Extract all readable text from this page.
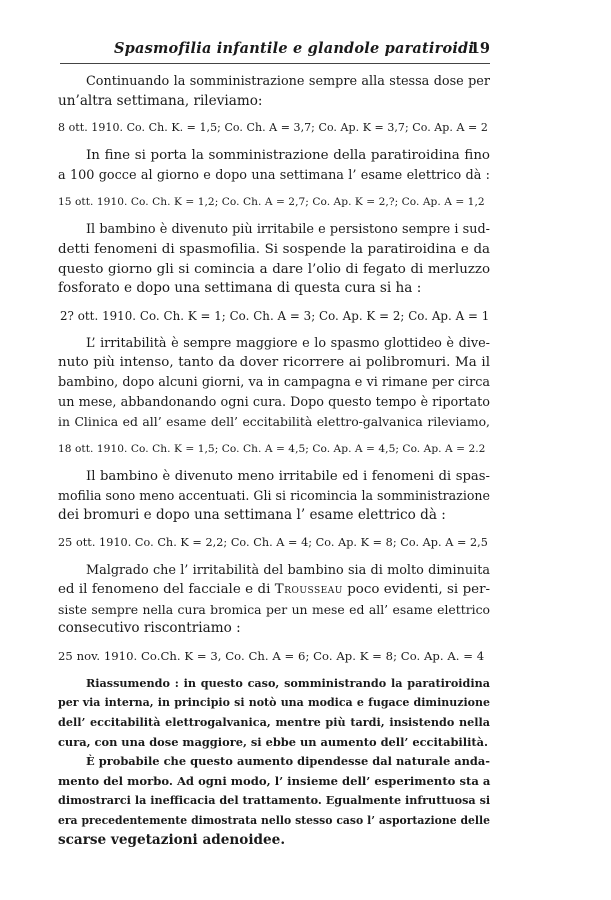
Spasmofilia infantile e glandole paratiroidi
19
Continuando la somministrazione sempre alla stessa dose per
un’altra settimana, rileviamo:
8 ott. 1910. Co. Ch. K. = 1,5; Co. Ch. A = 3,7; Co. Ap. K = 3,7; Co. Ap. A = 2
In fine si porta la somministrazione della paratiroidina fino
a 100 gocce al giorno e dopo una settimana l’ esame elettrico dà :
15 ott. 1910. Co. Ch. K = 1,2; Co. Ch. A = 2,7; Co. Ap. K = 2,?; Co. Ap. A = 1,2
Il bambino è divenuto più irritabile e persistono sempre i sud-
detti fenomeni di spasmofilia. Si sospende la paratiroidina e da
questo giorno gli si comincia a dare l’olio di fegato di merluzzo
fosforato e dopo una settimana di questa cura si ha :
2? ott. 1910. Co. Ch. K = 1; Co. Ch. A = 3; Co. Ap. K = 2; Co. Ap. A = 1
L’ irritabilità è sempre maggiore e lo spasmo glottideo è dive-
nuto più intenso, tanto da dover ricorrere ai polibromuri. Ma il
bambino, dopo alcuni giorni, va in campagna e vi rimane per circa
un mese, abbandonando ogni cura. Dopo questo tempo è riportato
in Clinica ed all’ esame dell’ eccitabilità elettro-galvanica rileviamo,
18 ott. 1910. Co. Ch. K = 1,5; Co. Ch. A = 4,5; Co. Ap. A = 4,5; Co. Ap. A = 2.2
Il bambino è divenuto meno irritabile ed i fenomeni di spas-
mofilia sono meno accentuati. Gli si ricomincia la somministrazione
dei bromuri e dopo una settimana l’ esame elettrico dà :
25 ott. 1910. Co. Ch. K = 2,2; Co. Ch. A = 4; Co. Ap. K = 8; Co. Ap. A = 2,5
Malgrado che l’ irritabilità del bambino sia di molto diminuita
ed il fenomeno del facciale e di Trousseau poco evidenti, si per-
siste sempre nella cura bromica per un mese ed all’ esame elettrico
consecutivo riscontriamo :
25 nov. 1910. Co.Ch. K = 3, Co. Ch. A = 6; Co. Ap. K = 8; Co. Ap. A. = 4
Riassumendo : in questo caso, somministrando la paratiroidina
per via interna, in principio si notò una modica e fugace diminuzione
dell’ eccitabilità elettrogalvanica, mentre più tardi, insistendo nella
cura, con una dose maggiore, si ebbe un aumento dell’ eccitabilità.
È probabile che questo aumento dipendesse dal naturale anda-
mento del morbo. Ad ogni modo, l’ insieme dell’ esperimento sta a
dimostrarci la inefficacia del trattamento. Egualmente infruttuosa si
era precedentemente dimostrata nello stesso caso l’ asportazione delle
scarse vegetazioni adenoidee.
